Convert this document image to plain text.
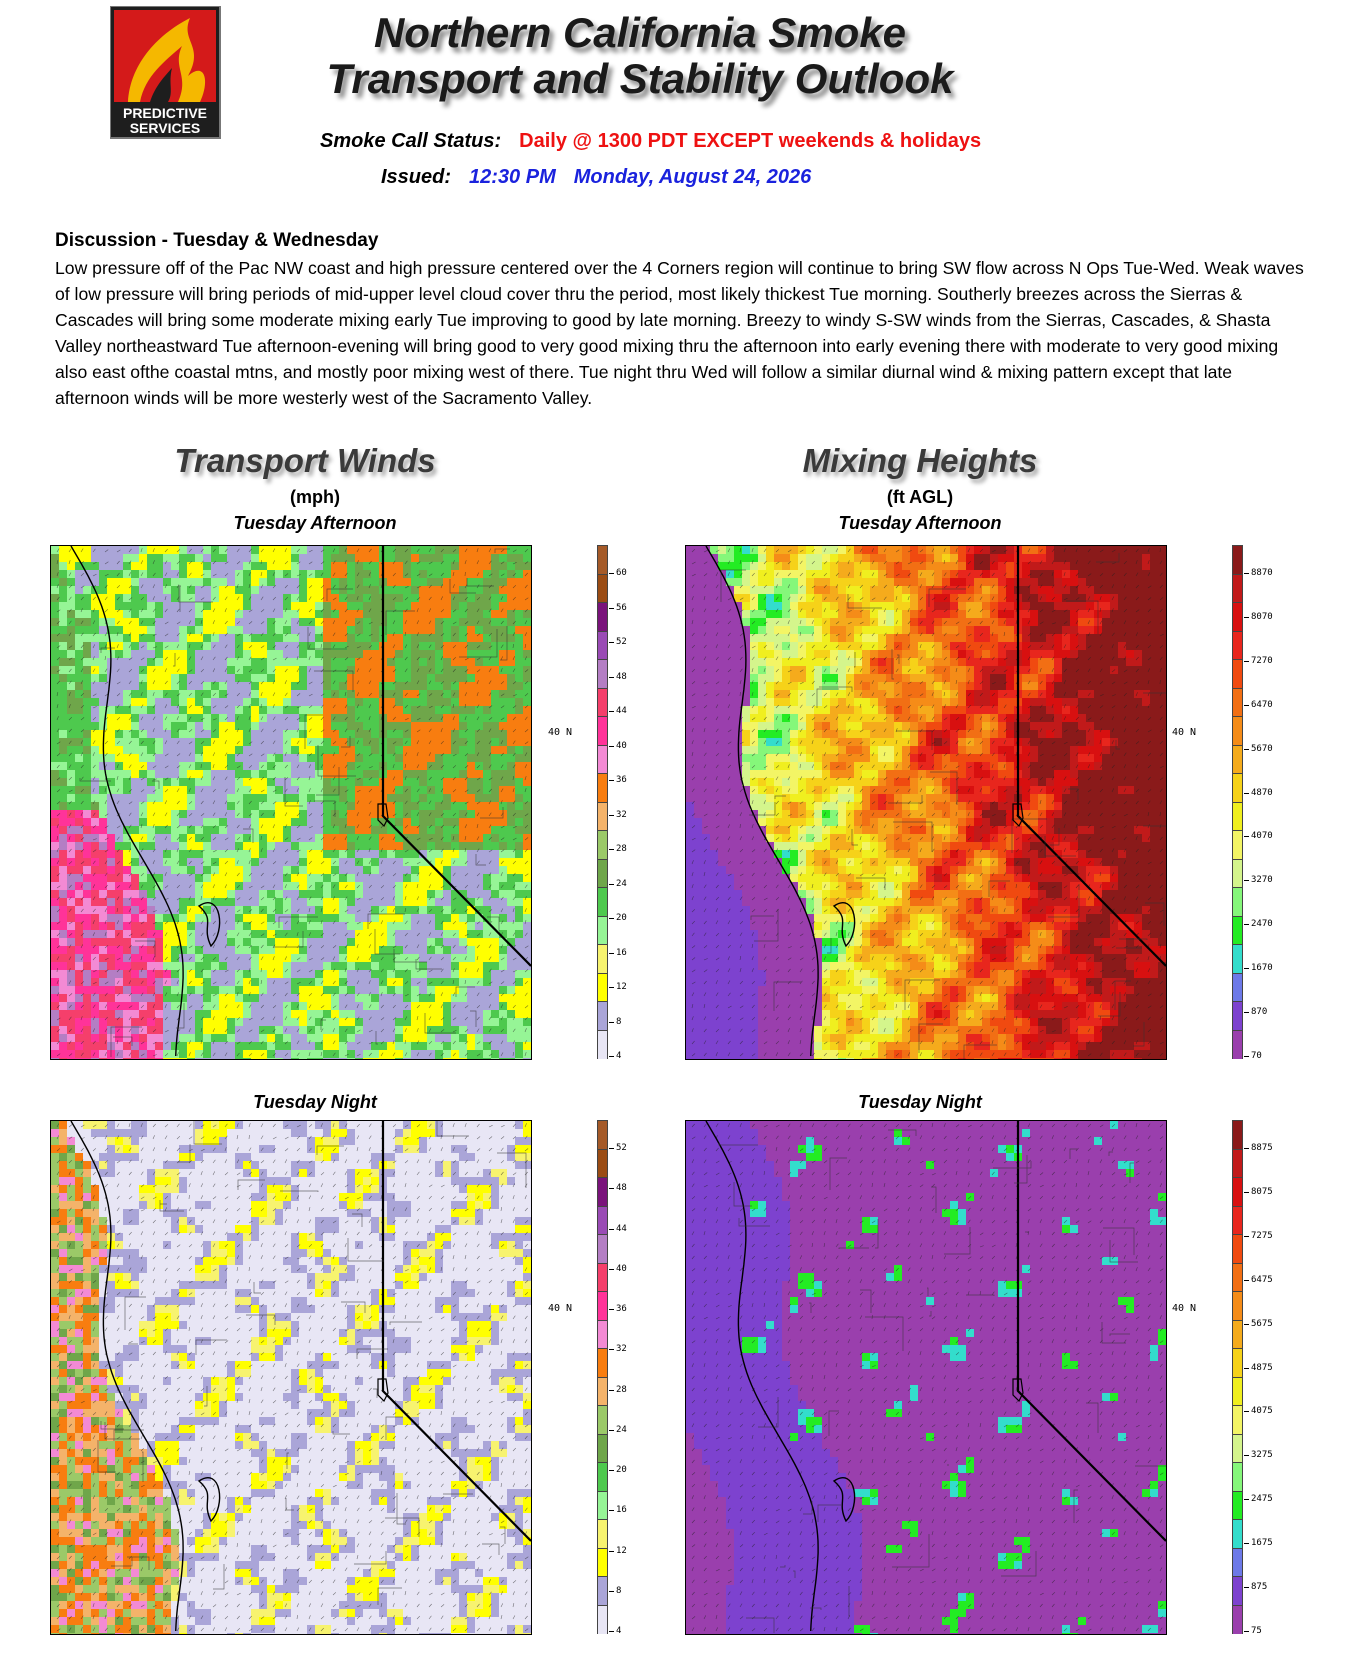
PREDICTIVE
SERVICES
Northern California Smoke
Transport and Stability Outlook
Smoke Call Status: Daily @ 1300 PDT EXCEPT weekends & holidays
Issued: 12:30 PM Monday, August 24, 2026
Discussion - Tuesday & Wednesday
Low pressure off of the Pac NW coast and high pressure centered over the 4 Corners region will continue to bring SW flow across N Ops Tue-Wed. Weak waves of low pressure will bring periods of mid-upper level cloud cover thru the period, most likely thickest Tue morning. Southerly breezes across the Sierras & Cascades will bring some moderate mixing early Tue improving to good by late morning. Breezy to windy S-SW winds from the Sierras, Cascades, & Shasta Valley northeastward Tue afternoon-evening will bring good to very good mixing thru the afternoon into early evening there with moderate to very good mixing also east ofthe coastal mtns, and mostly poor mixing west of there. Tue night thru Wed will follow a similar diurnal wind & mixing pattern except that late afternoon winds will be more westerly west of the Sacramento Valley.
Transport Winds
(mph)
Tuesday Afternoon
Mixing Heights
(ft AGL)
Tuesday Afternoon
Tuesday Night	Tuesday Night
40 N	40 N
40 N	40 N
60
56
52
48
44
40
36
32
28
24
20
16
12
8
4
8870
8070
7270
6470
5670
4870
4070
3270
2470
1670
870
70
52
48
44
40
36
32
28
24
20
16
12
8
4
8875
8075
7275
6475
5675
4875
4075
3275
2475
1675
875
75
